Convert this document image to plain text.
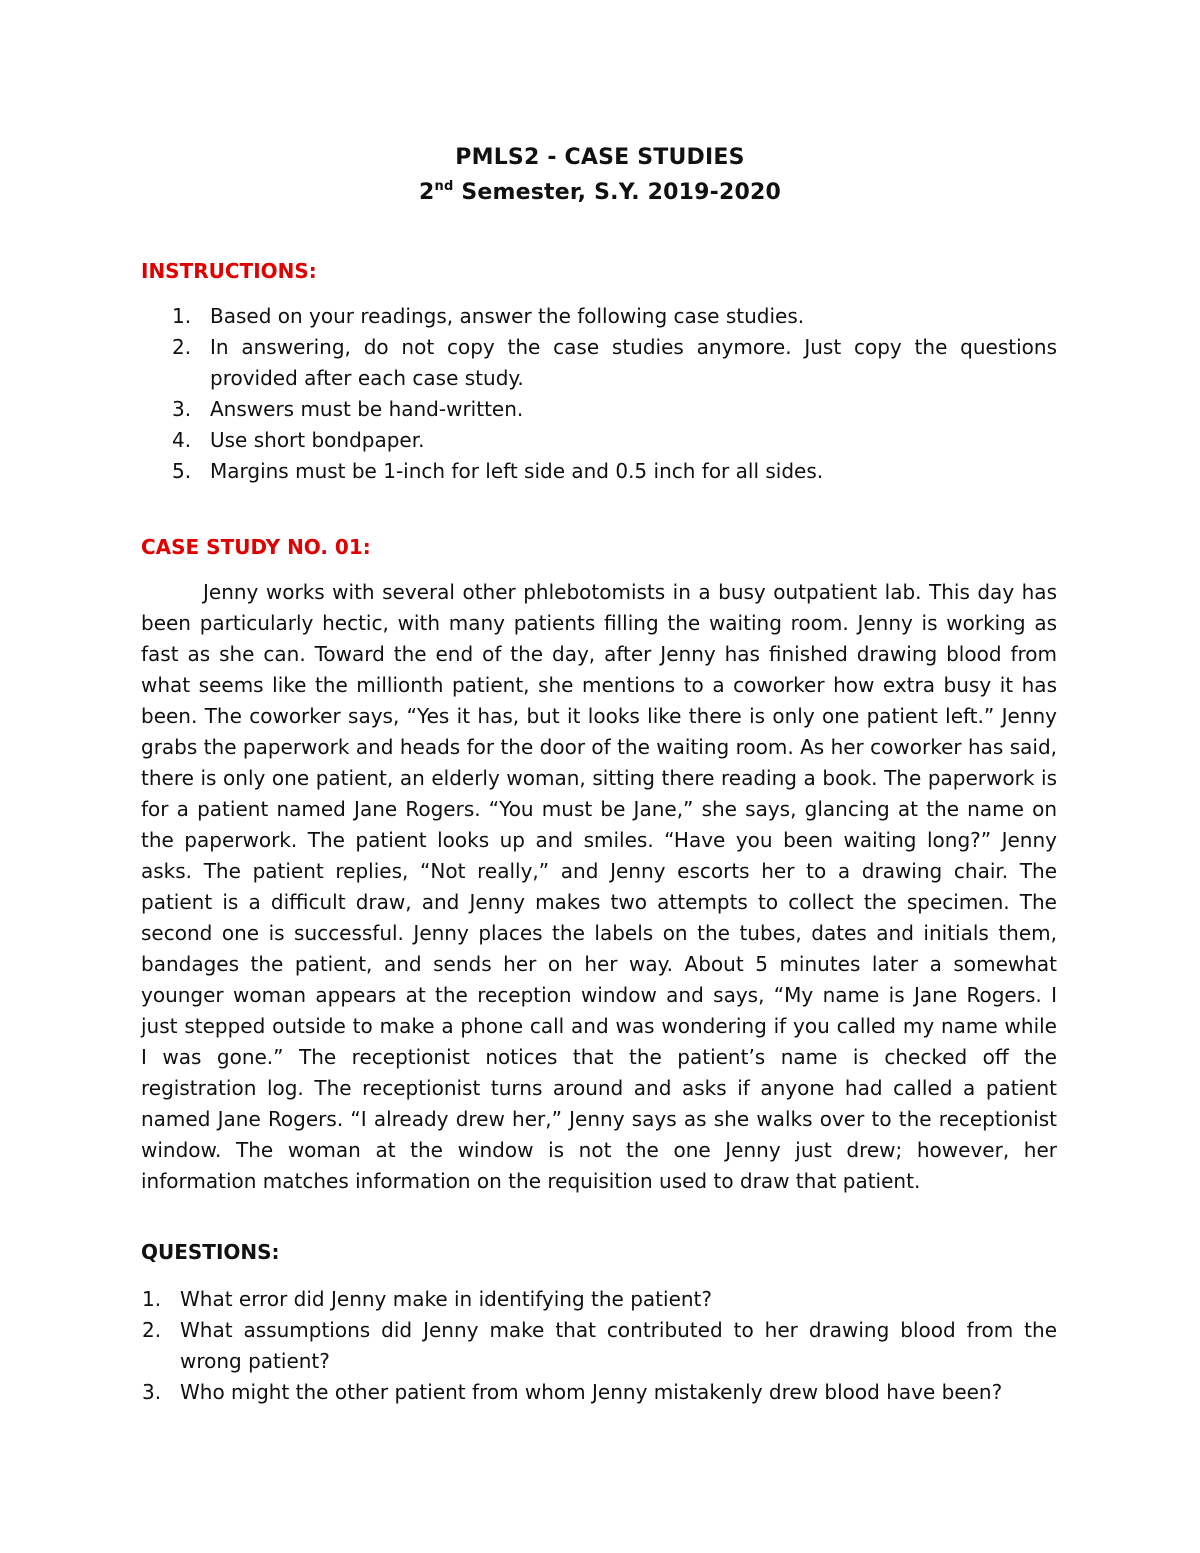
PMLS2 - CASE STUDIES
2nd Semester, S.Y. 2019-2020
INSTRUCTIONS:
1. Based on your readings, answer the following case studies.
2. In answering, do not copy the case studies anymore. Just copy the questions provided after each case study.
3. Answers must be hand-written.
4. Use short bondpaper.
5. Margins must be 1-inch for left side and 0.5 inch for all sides.
CASE STUDY NO. 01:

Jenny works with several other phlebotomists in a busy outpatient lab. This day has been particularly hectic, with many patients filling the waiting room. Jenny is working as fast as she can. Toward the end of the day, after Jenny has finished drawing blood from what seems like the millionth patient, she mentions to a coworker how extra busy it has been. The coworker says, “Yes it has, but it looks like there is only one patient left.” Jenny grabs the paperwork and heads for the door of the waiting room. As her coworker has said, there is only one patient, an elderly woman, sitting there reading a book. The paperwork is for a patient named Jane Rogers. “You must be Jane,” she says, glancing at the name on the paperwork. The patient looks up and smiles. “Have you been waiting long?” Jenny asks. The patient replies, “Not really,” and Jenny escorts her to a drawing chair. The patient is a difficult draw, and Jenny makes two attempts to collect the specimen. The second one is successful. Jenny places the labels on the tubes, dates and initials them, bandages the patient, and sends her on her way. About 5 minutes later a somewhat younger woman appears at the reception window and says, “My name is Jane Rogers. I just stepped outside to make a phone call and was wondering if you called my name while I was gone.” The receptionist notices that the patient’s name is checked off the registration log. The receptionist turns around and asks if anyone had called a patient named Jane Rogers. “I already drew her,” Jenny says as she walks over to the receptionist window. The woman at the window is not the one Jenny just drew; however, her information matches information on the requisition used to draw that patient.

QUESTIONS:
1. What error did Jenny make in identifying the patient?
2. What assumptions did Jenny make that contributed to her drawing blood from the wrong patient?
3. Who might the other patient from whom Jenny mistakenly drew blood have been?
